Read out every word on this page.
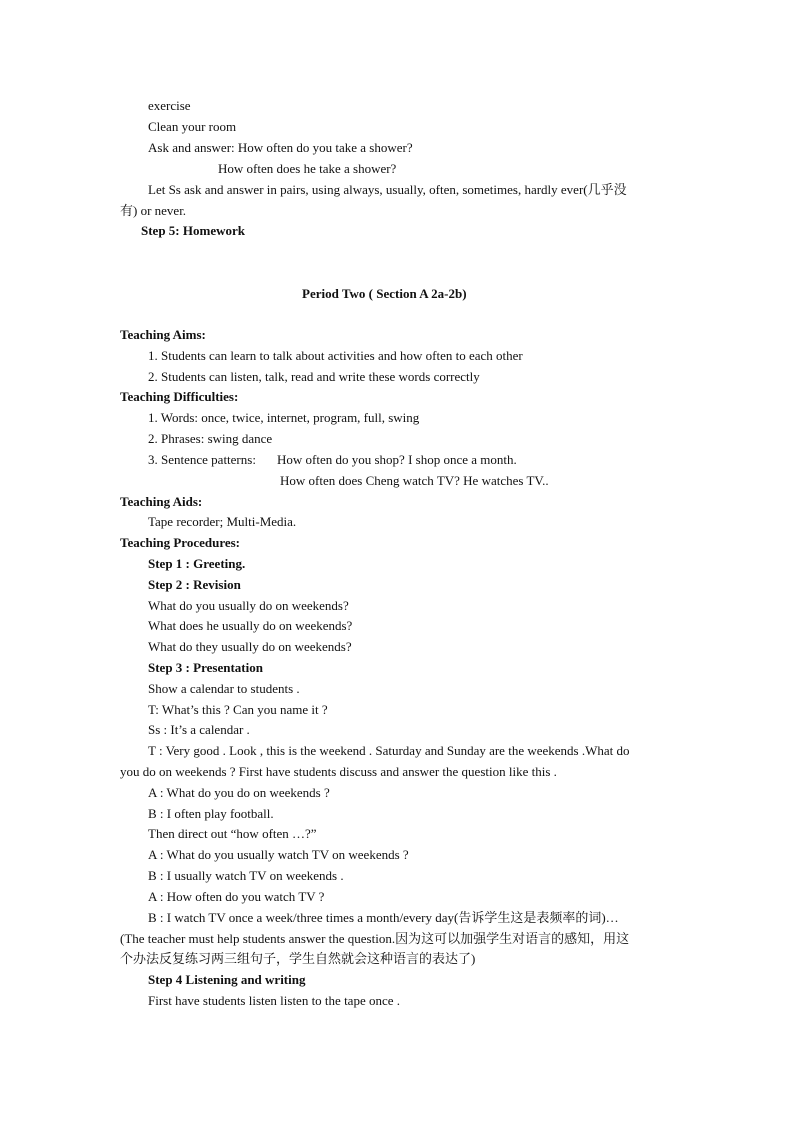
exercise
Clean your room
Ask and answer: How often do you take a shower?
How often does he take a shower?
Let Ss ask and answer in pairs, using always, usually, often, sometimes, hardly ever(几乎没
有) or never.
Step 5: Homework
Period Two ( Section A 2a-2b)
Teaching Aims:
1. Students can learn to talk about activities and how often to each other
2. Students can listen, talk, read and write these words correctly
Teaching Difficulties:
1. Words: once, twice, internet, program, full, swing
2. Phrases: swing dance
3. Sentence patterns: How often do you shop? I shop once a month.
How often does Cheng watch TV? He watches TV..
Teaching Aids:
Tape recorder; Multi-Media.
Teaching Procedures:
Step 1 : Greeting.
Step 2 : Revision
What do you usually do on weekends?
What does he usually do on weekends?
What do they usually do on weekends?
Step 3 : Presentation
Show a calendar to students .
T: What’s this ? Can you name it ?
Ss : It’s a calendar .
T : Very good . Look , this is the weekend . Saturday and Sunday are the weekends .What do
you do on weekends ? First have students discuss and answer the question like this .
A : What do you do on weekends ?
B : I often play football.
Then direct out “how often …?”
A : What do you usually watch TV on weekends ?
B : I usually watch TV on weekends .
A : How often do you watch TV ?
B : I watch TV once a week/three times a month/every day(告诉学生这是表频率的词)…
(The teacher must help students answer the question.因为这可以加强学生对语言的感知，用这
个办法反复练习两三组句子，学生自然就会这种语言的表达了)
Step 4 Listening and writing
First have students listen listen to the tape once .
